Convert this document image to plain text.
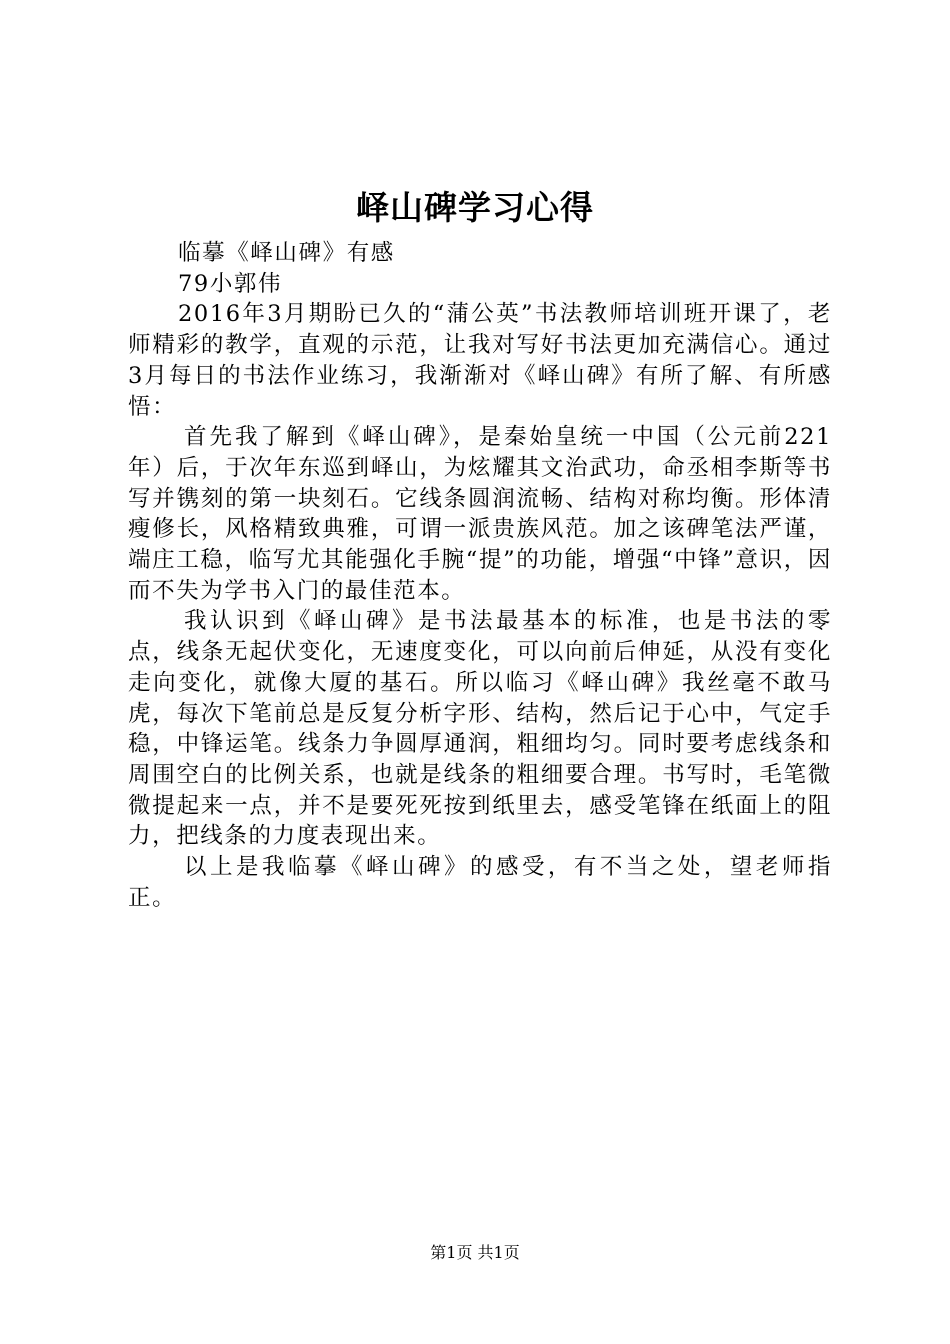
峄山碑学习心得

临摹《峄山碑》有感

79小郭伟

2016年3月期盼已久的“蒲公英”书法教师培训班开课了，老师精彩的教学，直观的示范，让我对写好书法更加充满信心。通过3月每日的书法作业练习，我渐渐对《峄山碑》有所了解、有所感悟：

首先我了解到《峄山碑》，是秦始皇统一中国（公元前221年）后，于次年东巡到峄山，为炫耀其文治武功，命丞相李斯等书写并镌刻的第一块刻石。它线条圆润流畅、结构对称均衡。形体清瘦修长，风格精致典雅，可谓一派贵族风范。加之该碑笔法严谨，端庄工稳，临写尤其能强化手腕“提”的功能，增强“中锋”意识，因而不失为学书入门的最佳范本。

我认识到《峄山碑》是书法最基本的标准，也是书法的零点，线条无起伏变化，无速度变化，可以向前后伸延，从没有变化走向变化，就像大厦的基石。所以临习《峄山碑》我丝毫不敢马虎，每次下笔前总是反复分析字形、结构，然后记于心中，气定手稳，中锋运笔。线条力争圆厚通润，粗细均匀。同时要考虑线条和周围空白的比例关系，也就是线条的粗细要合理。书写时，毛笔微微提起来一点，并不是要死死按到纸里去，感受笔锋在纸面上的阻力，把线条的力度表现出来。

以上是我临摹《峄山碑》的感受，有不当之处，望老师指正。

第1页 共1页
